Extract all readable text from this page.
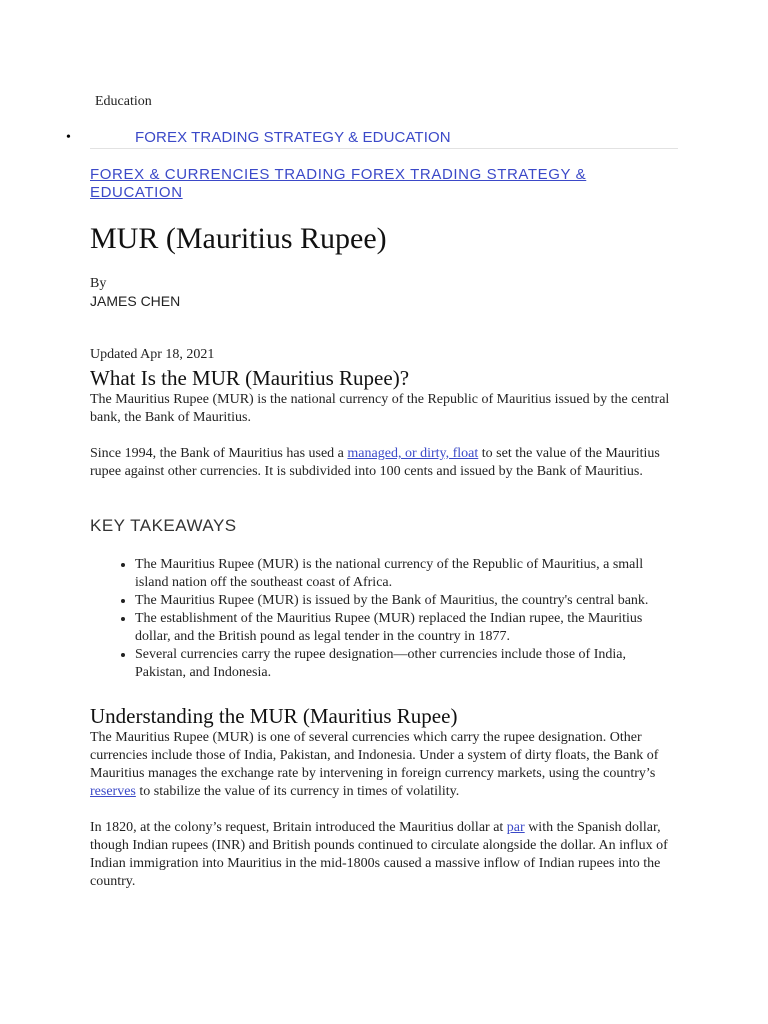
Education
•	FOREX TRADING STRATEGY & EDUCATION
FOREX & CURRENCIES TRADING FOREX TRADING STRATEGY & EDUCATION
MUR (Mauritius Rupee)
By
JAMES CHEN
Updated Apr 18, 2021
What Is the MUR (Mauritius Rupee)?

The Mauritius Rupee (MUR) is the national currency of the Republic of Mauritius issued by the central bank, the Bank of Mauritius.

Since 1994, the Bank of Mauritius has used a managed, or dirty, float to set the value of the Mauritius rupee against other currencies. It is subdivided into 100 cents and issued by the Bank of Mauritius.

KEY TAKEAWAYS
• The Mauritius Rupee (MUR) is the national currency of the Republic of Mauritius, a small island nation off the southeast coast of Africa.
• The Mauritius Rupee (MUR) is issued by the Bank of Mauritius, the country's central bank.
• The establishment of the Mauritius Rupee (MUR) replaced the Indian rupee, the Mauritius dollar, and the British pound as legal tender in the country in 1877.
• Several currencies carry the rupee designation—other currencies include those of India, Pakistan, and Indonesia.
Understanding the MUR (Mauritius Rupee)

The Mauritius Rupee (MUR) is one of several currencies which carry the rupee designation. Other currencies include those of India, Pakistan, and Indonesia. Under a system of dirty floats, the Bank of Mauritius manages the exchange rate by intervening in foreign currency markets, using the country’s reserves to stabilize the value of its currency in times of volatility.

In 1820, at the colony’s request, Britain introduced the Mauritius dollar at par with the Spanish dollar, though Indian rupees (INR) and British pounds continued to circulate alongside the dollar. An influx of Indian immigration into Mauritius in the mid-1800s caused a massive inflow of Indian rupees into the country.
